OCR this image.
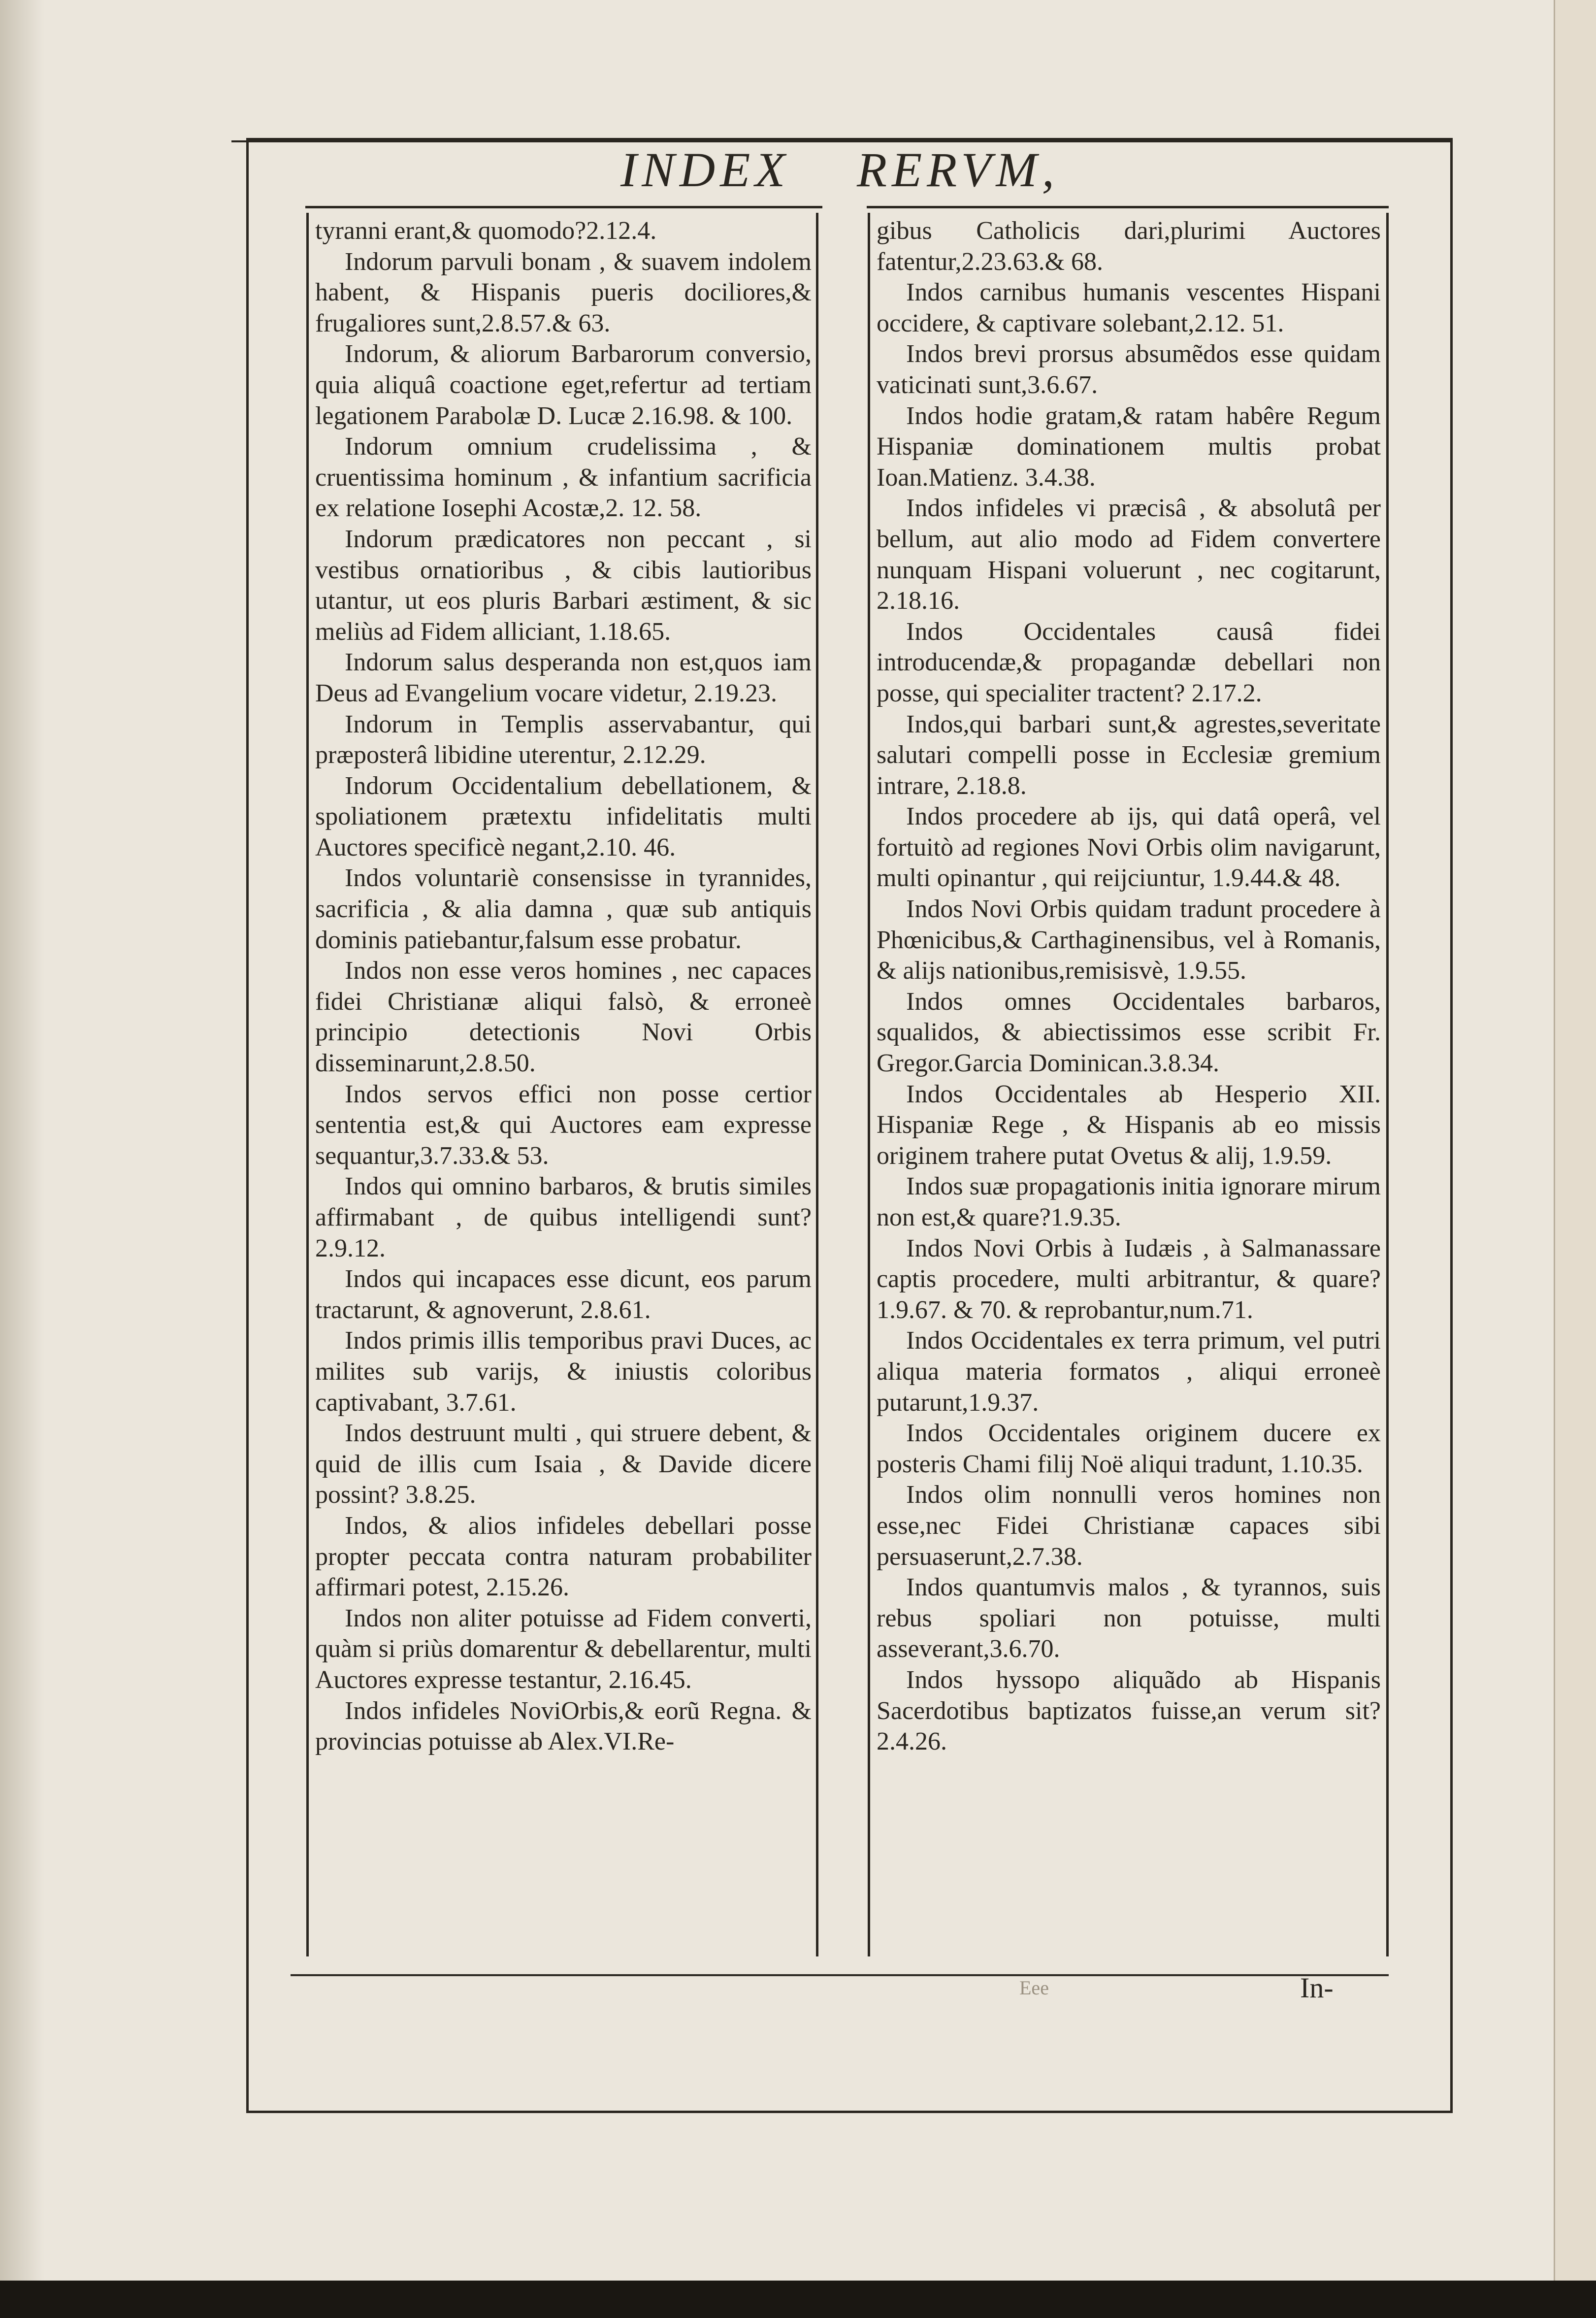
INDEX RERVM,

tyranni erant,& quomodo?2.12.4.

Indorum parvuli bonam , & suavem indolem habent, & Hispanis pueris dociliores,& frugaliores sunt,2.8.57.& 63.

Indorum, & aliorum Barbarorum conversio, quia aliquâ coactione eget,refertur ad tertiam legationem Parabolæ D. Lucæ 2.16.98. & 100.

Indorum omnium crudelissima , & cruentissima hominum , & infantium sacrificia ex relatione Iosephi Acostæ,2. 12. 58.

Indorum prædicatores non peccant , si vestibus ornatioribus , & cibis lautioribus utantur, ut eos pluris Barbari æstiment, & sic meliùs ad Fidem alliciant, 1.18.65.

Indorum salus desperanda non est,quos iam Deus ad Evangelium vocare videtur, 2.19.23.

Indorum in Templis asservabantur, qui præposterâ libidine uterentur, 2.12.29.

Indorum Occidentalium debellationem, & spoliationem prætextu infidelitatis multi Auctores specificè negant,2.10. 46.

Indos voluntariè consensisse in tyrannides, sacrificia , & alia damna , quæ sub antiquis dominis patiebantur,falsum esse probatur.

Indos non esse veros homines , nec capaces fidei Christianæ aliqui falsò, & erroneè principio detectionis Novi Orbis disseminarunt,2.8.50.

Indos servos effici non posse certior sententia est,& qui Auctores eam expresse sequantur,3.7.33.& 53.

Indos qui omnino barbaros, & brutis similes affirmabant , de quibus intelligendi sunt? 2.9.12.

Indos qui incapaces esse dicunt, eos parum tractarunt, & agnoverunt, 2.8.61.

Indos primis illis temporibus pravi Duces, ac milites sub varijs, & iniustis coloribus captivabant, 3.7.61.

Indos destruunt multi , qui struere debent, & quid de illis cum Isaia , & Davide dicere possint? 3.8.25.

Indos, & alios infideles debellari posse propter peccata contra naturam probabiliter affirmari potest, 2.15.26.

Indos non aliter potuisse ad Fidem converti, quàm si priùs domarentur & debellarentur, multi Auctores expresse testantur, 2.16.45.

Indos infideles NoviOrbis,& eorũ Regna. & provincias potuisse ab Alex.VI.Re-

gibus Catholicis dari,plurimi Auctores fatentur,2.23.63.& 68.

Indos carnibus humanis vescentes Hispani occidere, & captivare solebant,2.12. 51.

Indos brevi prorsus absumẽdos esse quidam vaticinati sunt,3.6.67.

Indos hodie gratam,& ratam habêre Regum Hispaniæ dominationem multis probat Ioan.Matienz. 3.4.38.

Indos infideles vi præcisâ , & absolutâ per bellum, aut alio modo ad Fidem convertere nunquam Hispani voluerunt , nec cogitarunt, 2.18.16.

Indos Occidentales causâ fidei introducendæ,& propagandæ debellari non posse, qui specialiter tractent? 2.17.2.

Indos,qui barbari sunt,& agrestes,severitate salutari compelli posse in Ecclesiæ gremium intrare, 2.18.8.

Indos procedere ab ijs, qui datâ operâ, vel fortuitò ad regiones Novi Orbis olim navigarunt, multi opinantur , qui reijciuntur, 1.9.44.& 48.

Indos Novi Orbis quidam tradunt procedere à Phœnicibus,& Carthaginensibus, vel à Romanis, & alijs nationibus,remisisvè, 1.9.55.

Indos omnes Occidentales barbaros, squalidos, & abiectissimos esse scribit Fr. Gregor.Garcia Dominican.3.8.34.

Indos Occidentales ab Hesperio XII. Hispaniæ Rege , & Hispanis ab eo missis originem trahere putat Ovetus & alij, 1.9.59.

Indos suæ propagationis initia ignorare mirum non est,& quare?1.9.35.

Indos Novi Orbis à Iudæis , à Salmanassare captis procedere, multi arbitrantur, & quare? 1.9.67. & 70. & reprobantur,num.71.

Indos Occidentales ex terra primum, vel putri aliqua materia formatos , aliqui erroneè putarunt,1.9.37.

Indos Occidentales originem ducere ex posteris Chami filij Noë aliqui tradunt, 1.10.35.

Indos olim nonnulli veros homines non esse,nec Fidei Christianæ capaces sibi persuaserunt,2.7.38.

Indos quantumvis malos , & tyrannos, suis rebus spoliari non potuisse, multi asseverant,3.6.70.

Indos hyssopo aliquãdo ab Hispanis Sacerdotibus baptizatos fuisse,an verum sit? 2.4.26.

Eee	In-
